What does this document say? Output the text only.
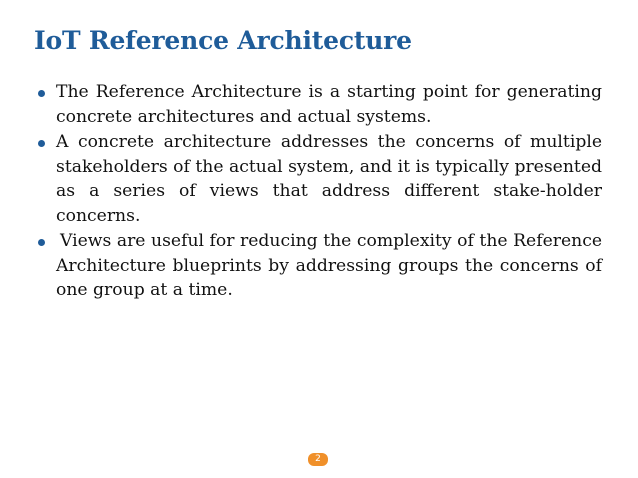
IoT Reference Architecture
The Reference Architecture is a starting point for generating concrete architectures and actual systems.
A concrete architecture addresses the concerns of multiple stakeholders of the actual system, and it is typically presented as a series of views that address different stake-holder concerns.
Views are useful for reducing the complexity of the Reference Architecture blueprints by addressing groups the concerns of one group at a time.
2
